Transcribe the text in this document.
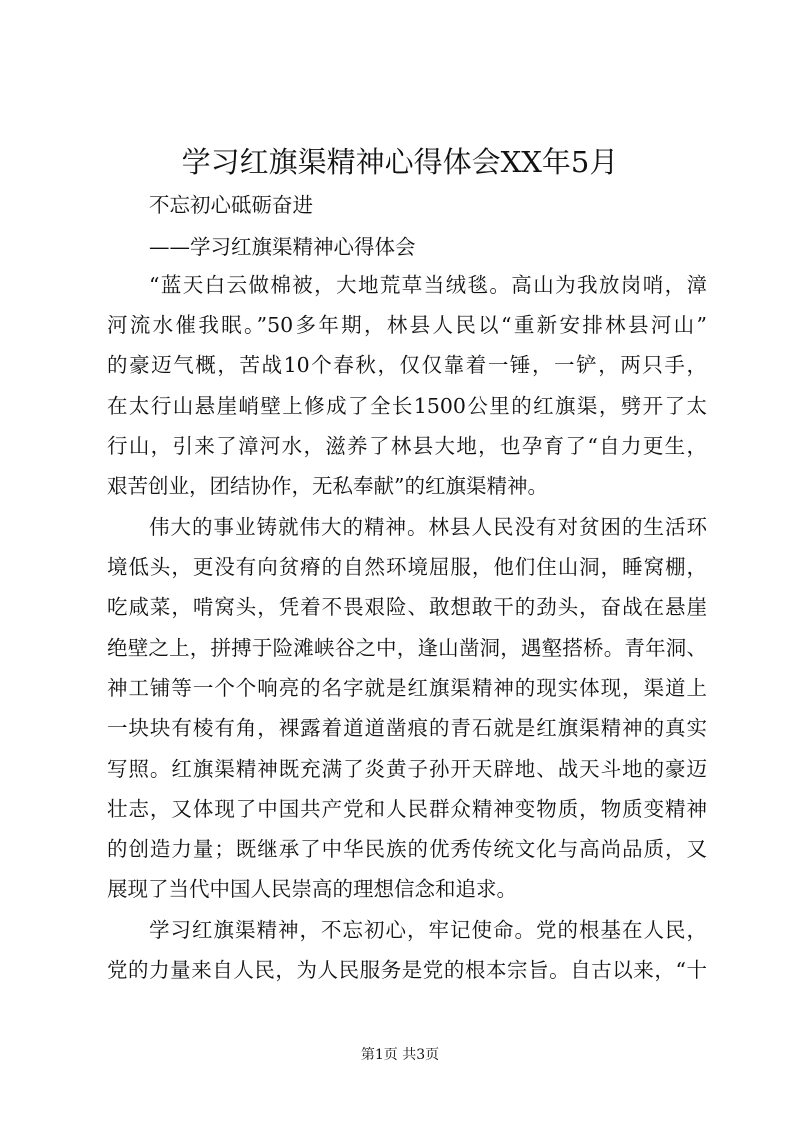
学习红旗渠精神心得体会XX年5月

不忘初心砥砺奋进

——学习红旗渠精神心得体会

“蓝天白云做棉被，大地荒草当绒毯。高山为我放岗哨，漳

河流水催我眠。”50多年期，林县人民以“重新安排林县河山”

的豪迈气概，苦战10个春秋，仅仅靠着一锤，一铲，两只手，

在太行山悬崖峭壁上修成了全长1500公里的红旗渠，劈开了太

行山，引来了漳河水，滋养了林县大地，也孕育了“自力更生，

艰苦创业，团结协作，无私奉献”的红旗渠精神。

伟大的事业铸就伟大的精神。林县人民没有对贫困的生活环

境低头，更没有向贫瘠的自然环境屈服，他们住山洞，睡窝棚，

吃咸菜，啃窝头，凭着不畏艰险、敢想敢干的劲头，奋战在悬崖

绝壁之上，拼搏于险滩峡谷之中，逢山凿洞，遇壑搭桥。青年洞、

神工铺等一个个响亮的名字就是红旗渠精神的现实体现，渠道上

一块块有棱有角，裸露着道道凿痕的青石就是红旗渠精神的真实

写照。红旗渠精神既充满了炎黄子孙开天辟地、战天斗地的豪迈

壮志，又体现了中国共产党和人民群众精神变物质，物质变精神

的创造力量；既继承了中华民族的优秀传统文化与高尚品质，又

展现了当代中国人民崇高的理想信念和追求。

学习红旗渠精神，不忘初心，牢记使命。党的根基在人民，

党的力量来自人民，为人民服务是党的根本宗旨。自古以来，“十

第1页 共3页
